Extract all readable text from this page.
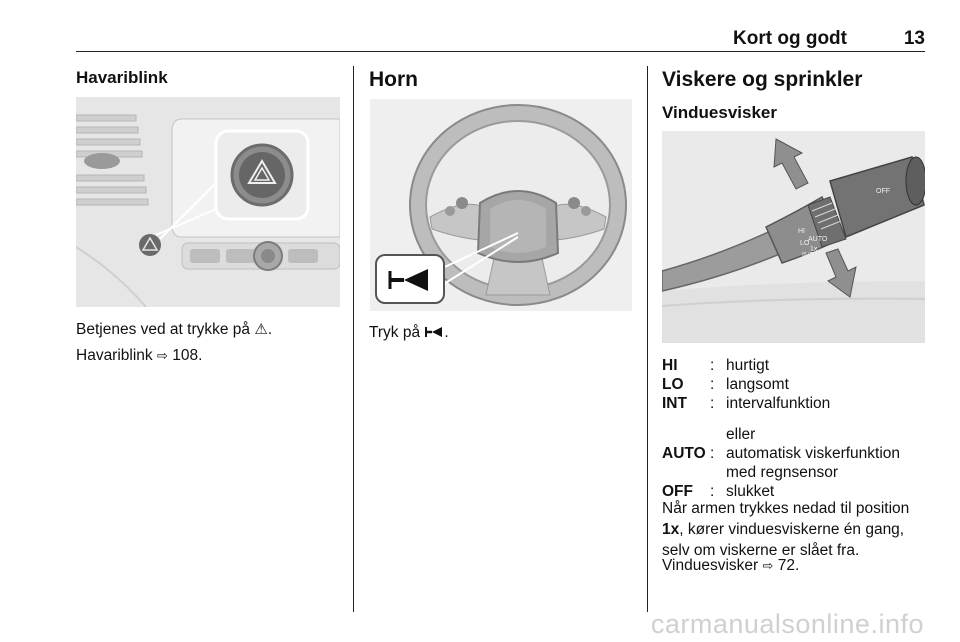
Kort og godt	13
Havariblink
Betjenes ved at trykke på ⚠.
Havariblink ⇨ 108.
Horn
Tryk på .
Viskere og sprinkler
Vinduesvisker
OFF
AUTO
1x
HI
LO
INT
HI	:	hurtigt
LO	:	langsomt
INT	:	intervalfunktion
		eller
AUTO	:	automatisk viskerfunktion
		med regnsensor
OFF	:	slukket
Når armen trykkes nedad til position 1x, kører vinduesviskerne én gang, selv om viskerne er slået fra.
Vinduesvisker ⇨ 72.
carmanualsonline.info
